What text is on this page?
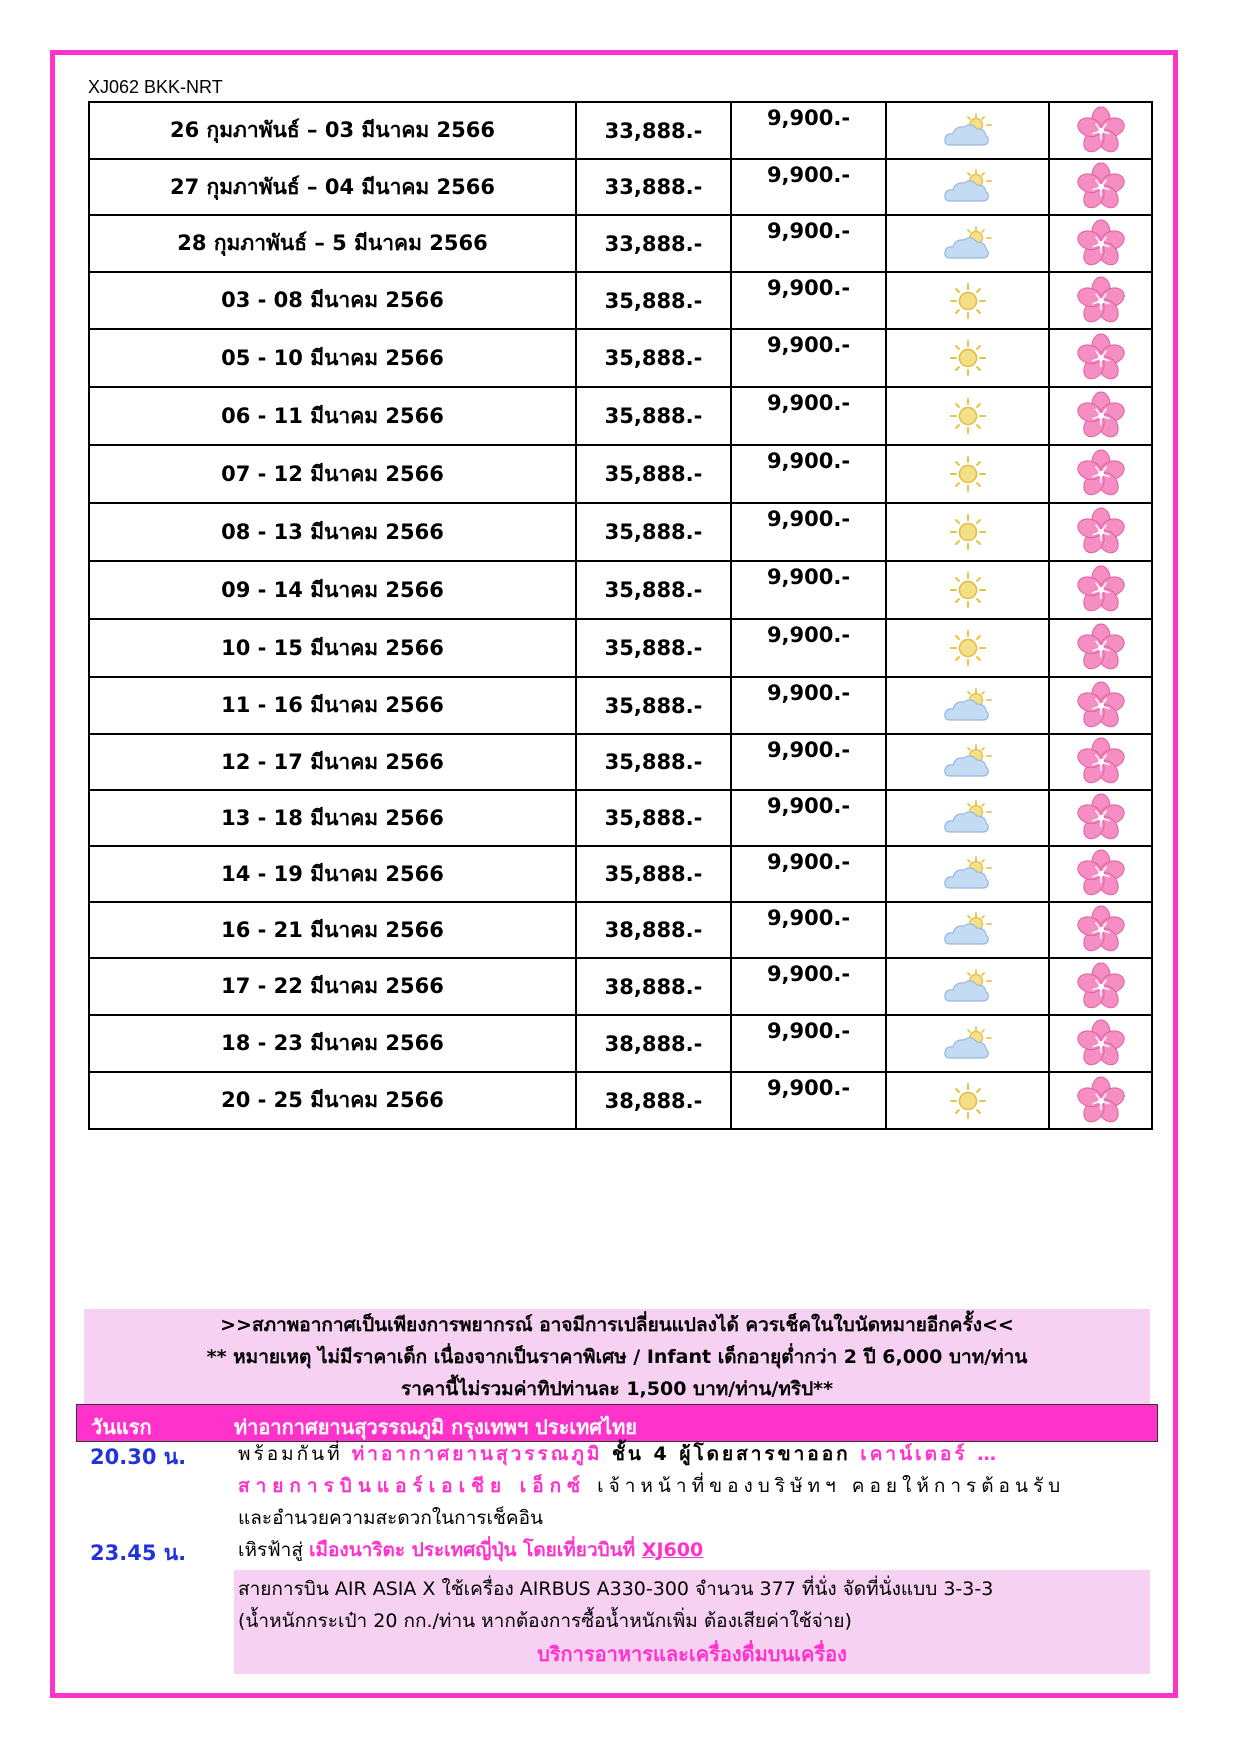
XJ062 BKK-NRT
26 กุมภาพันธ์ – 03 มีนาคม 2566	33,888.-	9,900.-

27 กุมภาพันธ์ – 04 มีนาคม 2566	33,888.-	9,900.-

28 กุมภาพันธ์ – 5 มีนาคม 2566	33,888.-	9,900.-

03 - 08 มีนาคม 2566	35,888.-	9,900.-

05 - 10 มีนาคม 2566	35,888.-	9,900.-

06 - 11 มีนาคม 2566	35,888.-	9,900.-

07 - 12 มีนาคม 2566	35,888.-	9,900.-

08 - 13 มีนาคม 2566	35,888.-	9,900.-

09 - 14 มีนาคม 2566	35,888.-	9,900.-

10 - 15 มีนาคม 2566	35,888.-	9,900.-

11 - 16 มีนาคม 2566	35,888.-	9,900.-

12 - 17 มีนาคม 2566	35,888.-	9,900.-

13 - 18 มีนาคม 2566	35,888.-	9,900.-

14 - 19 มีนาคม 2566	35,888.-	9,900.-

16 - 21 มีนาคม 2566	38,888.-	9,900.-

17 - 22 มีนาคม 2566	38,888.-	9,900.-

18 - 23 มีนาคม 2566	38,888.-	9,900.-

20 - 25 มีนาคม 2566	38,888.-	9,900.-

>>สภาพอากาศเป็นเพียงการพยากรณ์ อาจมีการเปลี่ยนแปลงได้ ควรเช็คในใบนัดหมายอีกครั้ง<<
** หมายเหตุ ไม่มีราคาเด็ก เนื่องจากเป็นราคาพิเศษ / Infant เด็กอายุต่ำกว่า 2 ปี 6,000 บาท/ท่าน
ราคานี้ไม่รวมค่าทิปท่านละ 1,500 บาท/ท่าน/ทริป**
วันแรก	ท่าอากาศยานสุวรรณภูมิ กรุงเทพฯ ประเทศไทย
20.30 น.	พร้อมกันที่ ท่าอากาศยานสุวรรณภูมิ ชั้น 4 ผู้โดยสารขาออก เคาน์เตอร์ …
สายการบินแอร์เอเชีย เอ็กซ์ เจ้าหน้าที่ของบริษัทฯ คอยให้การต้อนรับ
และอำนวยความสะดวกในการเช็คอิน
23.45 น.	เหิรฟ้าสู่ เมืองนาริตะ ประเทศญี่ปุ่น โดยเที่ยวบินที่ XJ600
สายการบิน AIR ASIA X ใช้เครื่อง AIRBUS A330-300 จำนวน 377 ที่นั่ง จัดที่นั่งแบบ 3-3-3
(น้ำหนักกระเป๋า 20 กก./ท่าน หากต้องการซื้อน้ำหนักเพิ่ม ต้องเสียค่าใช้จ่าย)
บริการอาหารและเครื่องดื่มบนเครื่อง
